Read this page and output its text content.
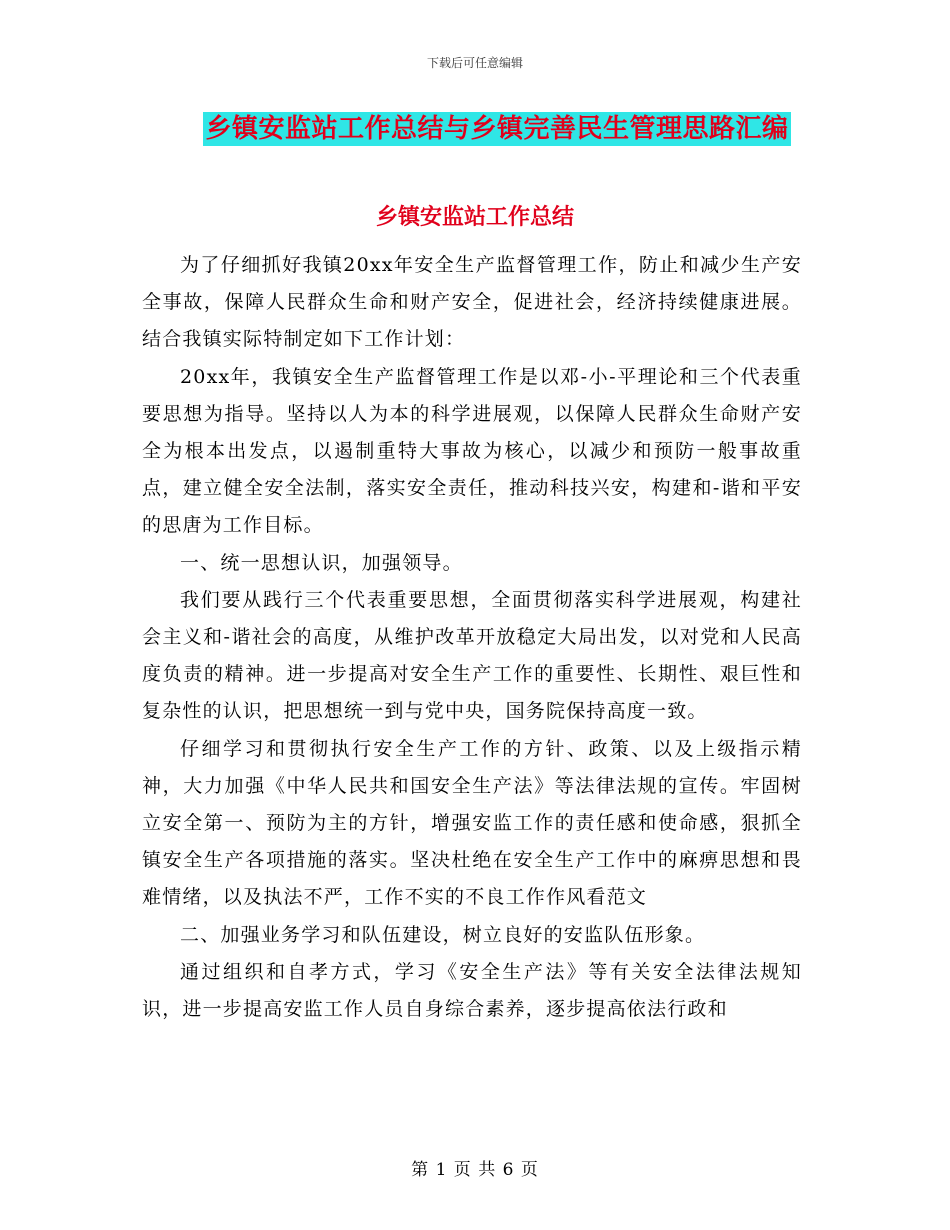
下载后可任意编辑
乡镇安监站工作总结与乡镇完善民生管理思路汇编
乡镇安监站工作总结

为了仔细抓好我镇20xx年安全生产监督管理工作，防止和减少生产安全事故，保障人民群众生命和财产安全，促进社会，经济持续健康进展。结合我镇实际特制定如下工作计划：

20xx年，我镇安全生产监督管理工作是以邓-小-平理论和三个代表重要思想为指导。坚持以人为本的科学进展观，以保障人民群众生命财产安全为根本出发点，以遏制重特大事故为核心，以减少和预防一般事故重点，建立健全安全法制，落实安全责任，推动科技兴安，构建和-谐和平安的思唐为工作目标。

一、统一思想认识，加强领导。

我们要从践行三个代表重要思想，全面贯彻落实科学进展观，构建社会主义和-谐社会的高度，从维护改革开放稳定大局出发，以对党和人民高度负责的精神。进一步提高对安全生产工作的重要性、长期性、艰巨性和复杂性的认识，把思想统一到与党中央，国务院保持高度一致。

仔细学习和贯彻执行安全生产工作的方针、政策、以及上级指示精神，大力加强《中华人民共和国安全生产法》等法律法规的宣传。牢固树立安全第一、预防为主的方针，增强安监工作的责任感和使命感，狠抓全镇安全生产各项措施的落实。坚决杜绝在安全生产工作中的麻痹思想和畏难情绪，以及执法不严，工作不实的不良工作作风看范文

二、加强业务学习和队伍建设，树立良好的安监队伍形象。

通过组织和自孝方式，学习《安全生产法》等有关安全法律法规知识，进一步提高安监工作人员自身综合素养，逐步提高依法行政和

第 1 页 共 6 页
